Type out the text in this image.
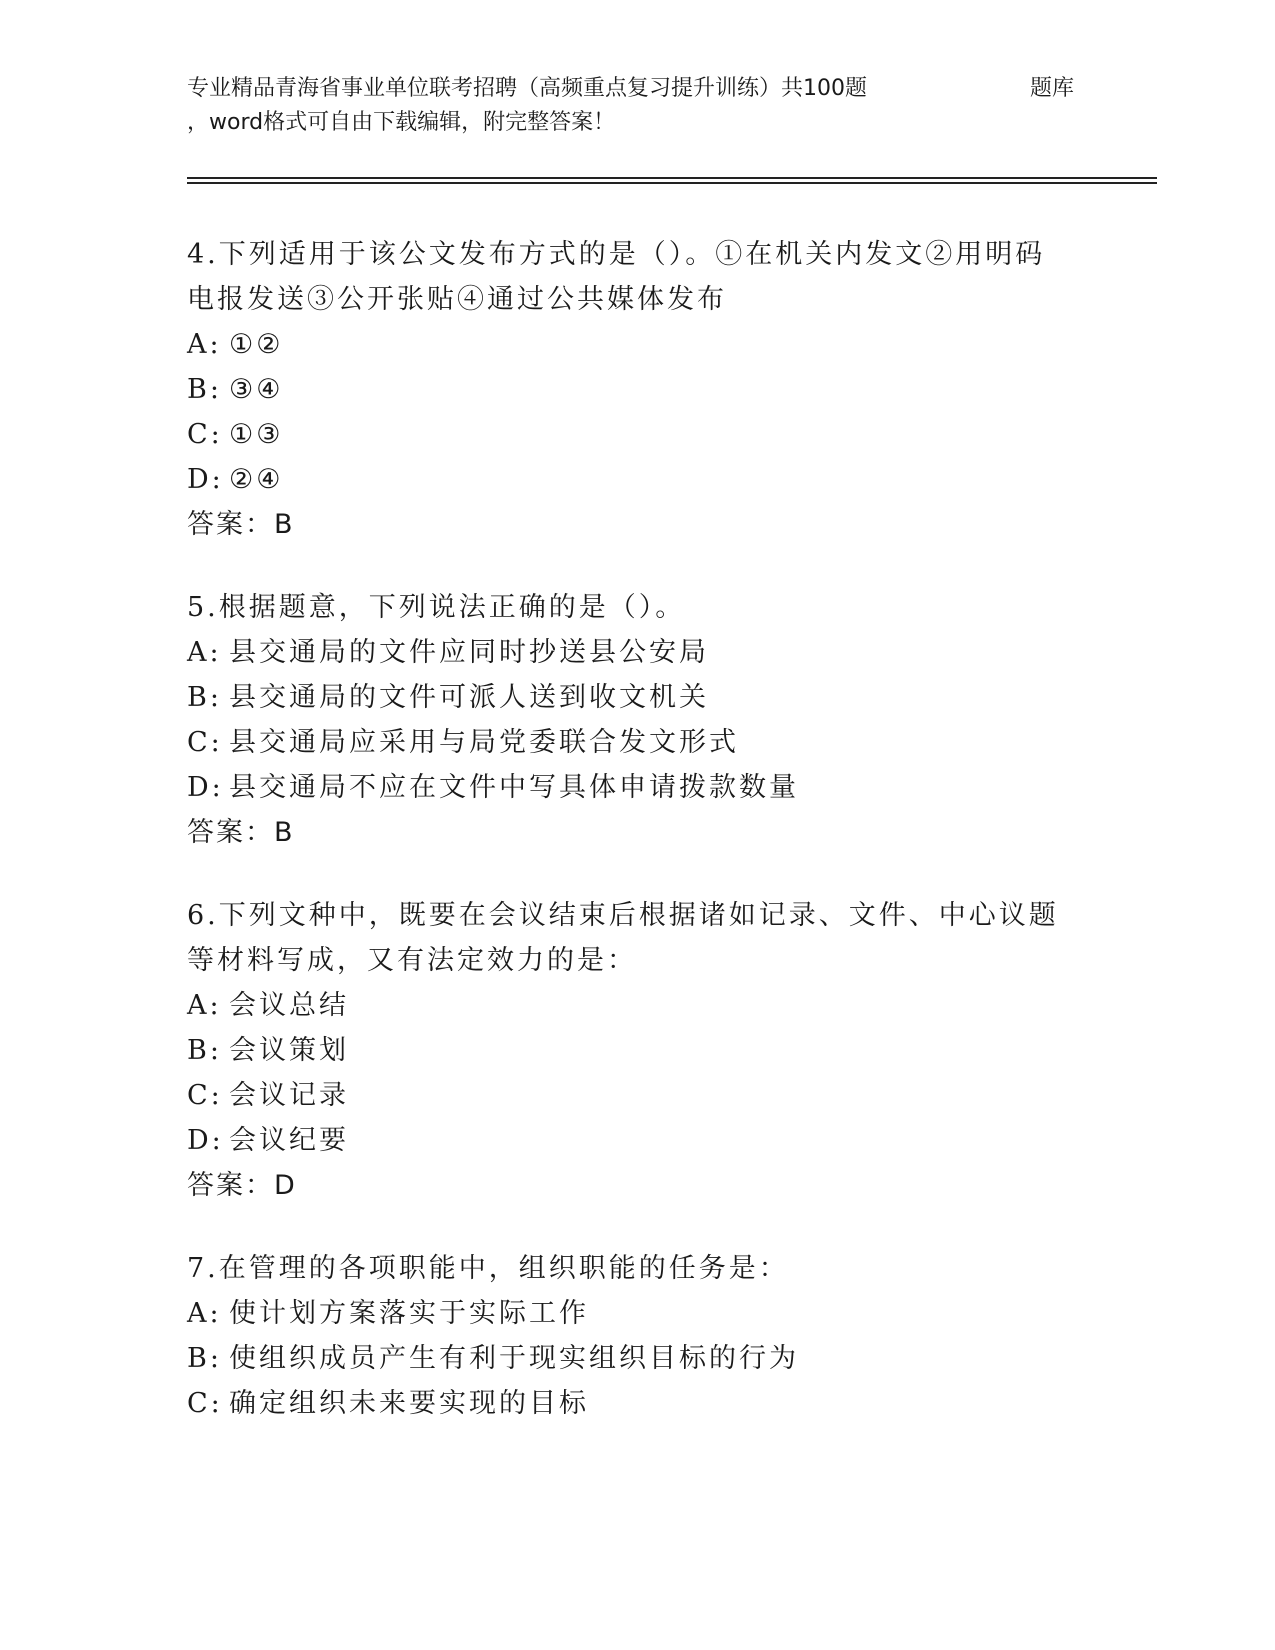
专业精品青海省事业单位联考招聘（高频重点复习提升训练）共100题	题库
，word格式可自由下载编辑，附完整答案！
4.下列适用于该公文发布方式的是（）。①在机关内发文②用明码电报发送③公开张贴④通过公共媒体发布
A: ①②
B: ③④
C: ①③
D: ②④
答案：B
5.根据题意，下列说法正确的是（）。
A: 县交通局的文件应同时抄送县公安局
B: 县交通局的文件可派人送到收文机关
C: 县交通局应采用与局党委联合发文形式
D: 县交通局不应在文件中写具体申请拨款数量
答案：B
6.下列文种中，既要在会议结束后根据诸如记录、文件、中心议题等材料写成，又有法定效力的是：
A: 会议总结
B: 会议策划
C: 会议记录
D: 会议纪要
答案：D
7.在管理的各项职能中，组织职能的任务是：
A: 使计划方案落实于实际工作
B: 使组织成员产生有利于现实组织目标的行为
C: 确定组织未来要实现的目标
